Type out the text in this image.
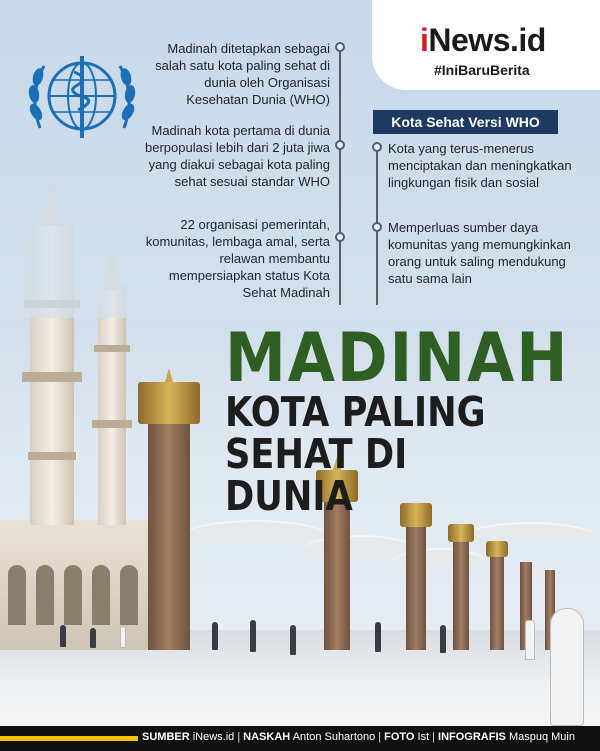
iNews.id
#IniBaruBerita
Madinah ditetapkan sebagai salah satu kota paling sehat di dunia oleh Organisasi Kesehatan Dunia (WHO)
Madinah kota pertama di dunia berpopulasi lebih dari 2 juta jiwa yang diakui sebagai kota paling sehat sesuai standar WHO
22 organisasi pemerintah, komunitas, lembaga amal, serta relawan membantu mempersiapkan status Kota Sehat Madinah
Kota Sehat Versi WHO
Kota yang terus-menerus menciptakan dan meningkatkan lingkungan fisik dan sosial
Memperluas sumber daya komunitas yang memungkinkan orang untuk saling mendukung satu sama lain
MADINAH
KOTA PALING
SEHAT DI DUNIA
SUMBER iNews.id | NASKAH Anton Suhartono | FOTO Ist | INFOGRAFIS Maspuq Muin
